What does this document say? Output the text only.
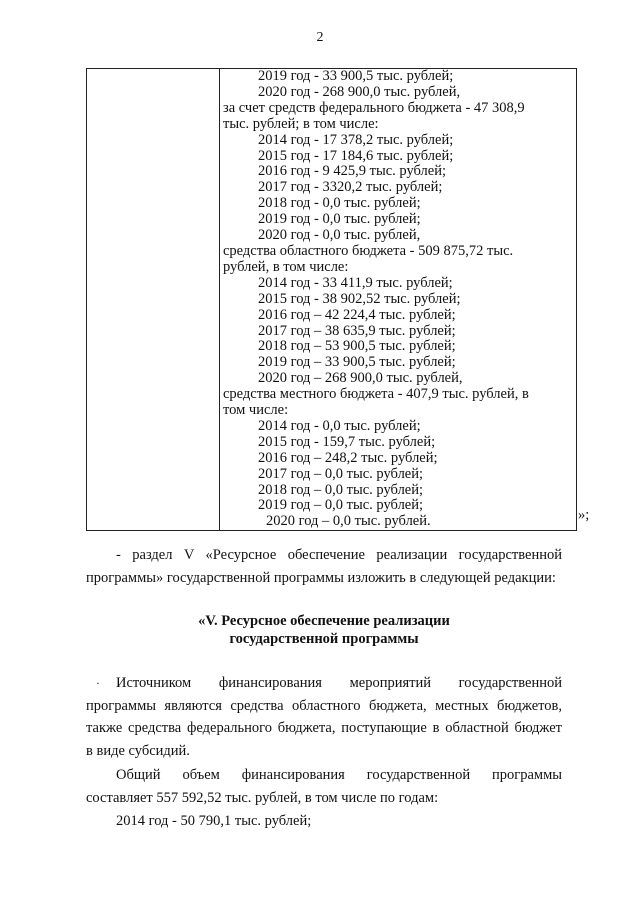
2

2019 год - 33 900,5 тыс. рублей;
2020 год - 268 900,0 тыс. рублей,
за счет средств федерального бюджета - 47 308,9
тыс. рублей; в том числе:
2014 год - 17 378,2 тыс. рублей;
2015 год - 17 184,6 тыс. рублей;
2016 год - 9 425,9 тыс. рублей;
2017 год - 3320,2 тыс. рублей;
2018 год - 0,0 тыс. рублей;
2019 год - 0,0 тыс. рублей;
2020 год - 0,0 тыс. рублей,
средства областного бюджета - 509 875,72 тыс.
рублей, в том числе:
2014 год - 33 411,9 тыс. рублей;
2015 год - 38 902,52 тыс. рублей;
2016 год – 42 224,4 тыс. рублей;
2017 год – 38 635,9 тыс. рублей;
2018 год – 53 900,5 тыс. рублей;
2019 год – 33 900,5 тыс. рублей;
2020 год – 268 900,0 тыс. рублей,
средства местного бюджета - 407,9 тыс. рублей, в
том числе:
2014 год - 0,0 тыс. рублей;
2015 год - 159,7 тыс. рублей;
2016 год – 248,2 тыс. рублей;
2017 год – 0,0 тыс. рублей;
2018 год – 0,0 тыс. рублей;
2019 год – 0,0 тыс. рублей;
2020 год – 0,0 тыс. рублей.	»;
- раздел V «Ресурсное обеспечение реализации государственной
программы» государственной программы изложить в следующей редакции:
«V. Ресурсное обеспечение реализации
государственной программы
·	Источником финансирования мероприятий государственной
программы являются средства областного бюджета, местных бюджетов,
также средства федерального бюджета, поступающие в областной бюджет
в виде субсидий.
Общий объем финансирования государственной программы
составляет 557 592,52 тыс. рублей, в том числе по годам:
2014 год - 50 790,1 тыс. рублей;
